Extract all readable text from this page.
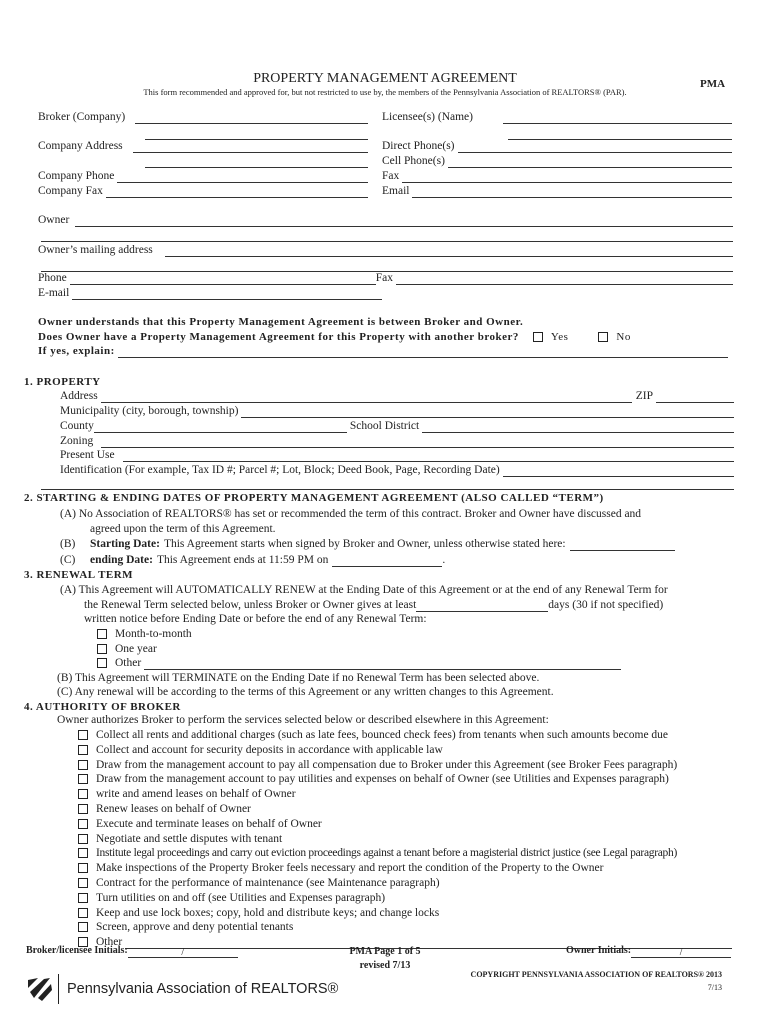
PROPERTY MANAGEMENT AGREEMENT
This form recommended and approved for, but not restricted to use by, the members of the Pennsylvania Association of REALTORS® (PAR).
PMA
Broker (Company)	Licensee(s) (Name)
Company Address	Direct Phone(s)
Cell Phone(s)
Company Phone	Fax
Company Fax	Email
Owner
Owner’s mailing address
Phone	Fax
E-mail
Owner understands that this Property Management Agreement is between Broker and Owner.
Does Owner have a Property Management Agreement for this Property with another broker?	Yes	No
If yes, explain:
1. PROPERTY
Address	ZIP
Municipality (city, borough, township)
County	School District
Zoning
Present Use
Identification (For example, Tax ID #; Parcel #; Lot, Block; Deed Book, Page, Recording Date)
2. STARTING & ENDING DATES OF PROPERTY MANAGEMENT AGREEMENT (ALSO CALLED “TERM”)
(A) No Association of REALTORS® has set or recommended the term of this contract. Broker and Owner have discussed and
agreed upon the term of this Agreement.
(B)	Starting Date: This Agreement starts when signed by Broker and Owner, unless otherwise stated here:
(C)	ending Date: This Agreement ends at 11:59 PM on	.
3. RENEWAL TERM
(A) This Agreement will AUTOMATICALLY RENEW at the Ending Date of this Agreement or at the end of any Renewal Term for
the Renewal Term selected below, unless Broker or Owner gives at least	days (30 if not specified)
written notice before Ending Date or before the end of any Renewal Term:
Month-to-month
One year
Other
(B) This Agreement will TERMINATE on the Ending Date if no Renewal Term has been selected above.
(C) Any renewal will be according to the terms of this Agreement or any written changes to this Agreement.
4. AUTHORITY OF BROKER
Owner authorizes Broker to perform the services selected below or described elsewhere in this Agreement:
Collect all rents and additional charges (such as late fees, bounced check fees) from tenants when such amounts become due
Collect and account for security deposits in accordance with applicable law
Draw from the management account to pay all compensation due to Broker under this Agreement (see Broker Fees paragraph)
Draw from the management account to pay utilities and expenses on behalf of Owner (see Utilities and Expenses paragraph)
write and amend leases on behalf of Owner
Renew leases on behalf of Owner
Execute and terminate leases on behalf of Owner
Negotiate and settle disputes with tenant
Institute legal proceedings and carry out eviction proceedings against a tenant before a magisterial district justice (see Legal paragraph)
Make inspections of the Property Broker feels necessary and report the condition of the Property to the Owner
Contract for the performance of maintenance (see Maintenance paragraph)
Turn utilities on and off (see Utilities and Expenses paragraph)
Keep and use lock boxes; copy, hold and distribute keys; and change locks
Screen, approve and deny potential tenants
Other
Broker/licensee Initials:	/	PMA Page 1 of 5
revised 7/13
Owner Initials:	/
COPYRIGHT PENNSYLVANIA ASSOCIATION OF REALTORS® 2013
7/13
Pennsylvania Association of REALTORS®
